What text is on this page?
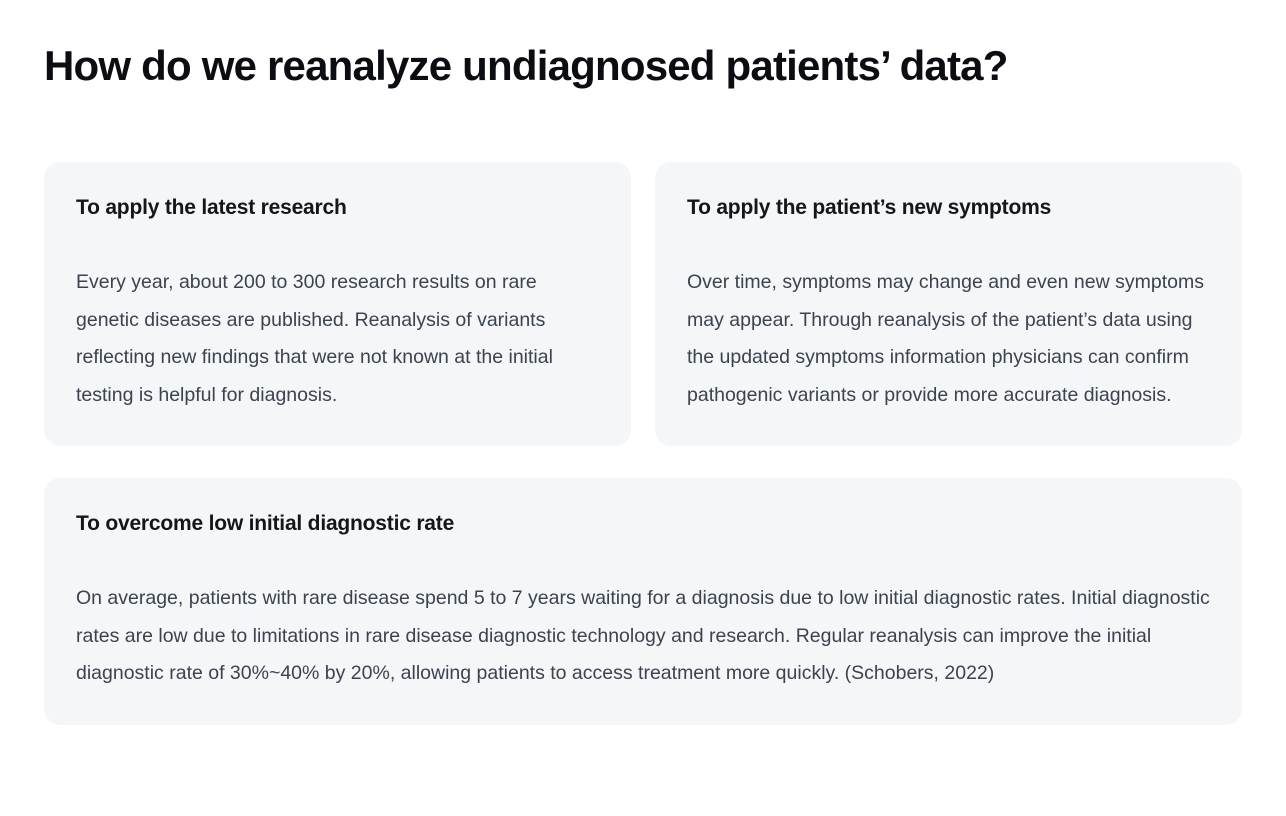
How do we reanalyze undiagnosed patients’ data?
To apply the latest research

Every year, about 200 to 300 research results on rare genetic diseases are published. Reanalysis of variants reflecting new findings that were not known at the initial testing is helpful for diagnosis.

To apply the patient’s new symptoms

Over time, symptoms may change and even new symptoms may appear. Through reanalysis of the patient’s data using the updated symptoms information physicians can confirm pathogenic variants or provide more accurate diagnosis.

To overcome low initial diagnostic rate

On average, patients with rare disease spend 5 to 7 years waiting for a diagnosis due to low initial diagnostic rates. Initial diagnostic rates are low due to limitations in rare disease diagnostic technology and research. Regular reanalysis can improve the initial diagnostic rate of 30%~40% by 20%, allowing patients to access treatment more quickly. (Schobers, 2022)
